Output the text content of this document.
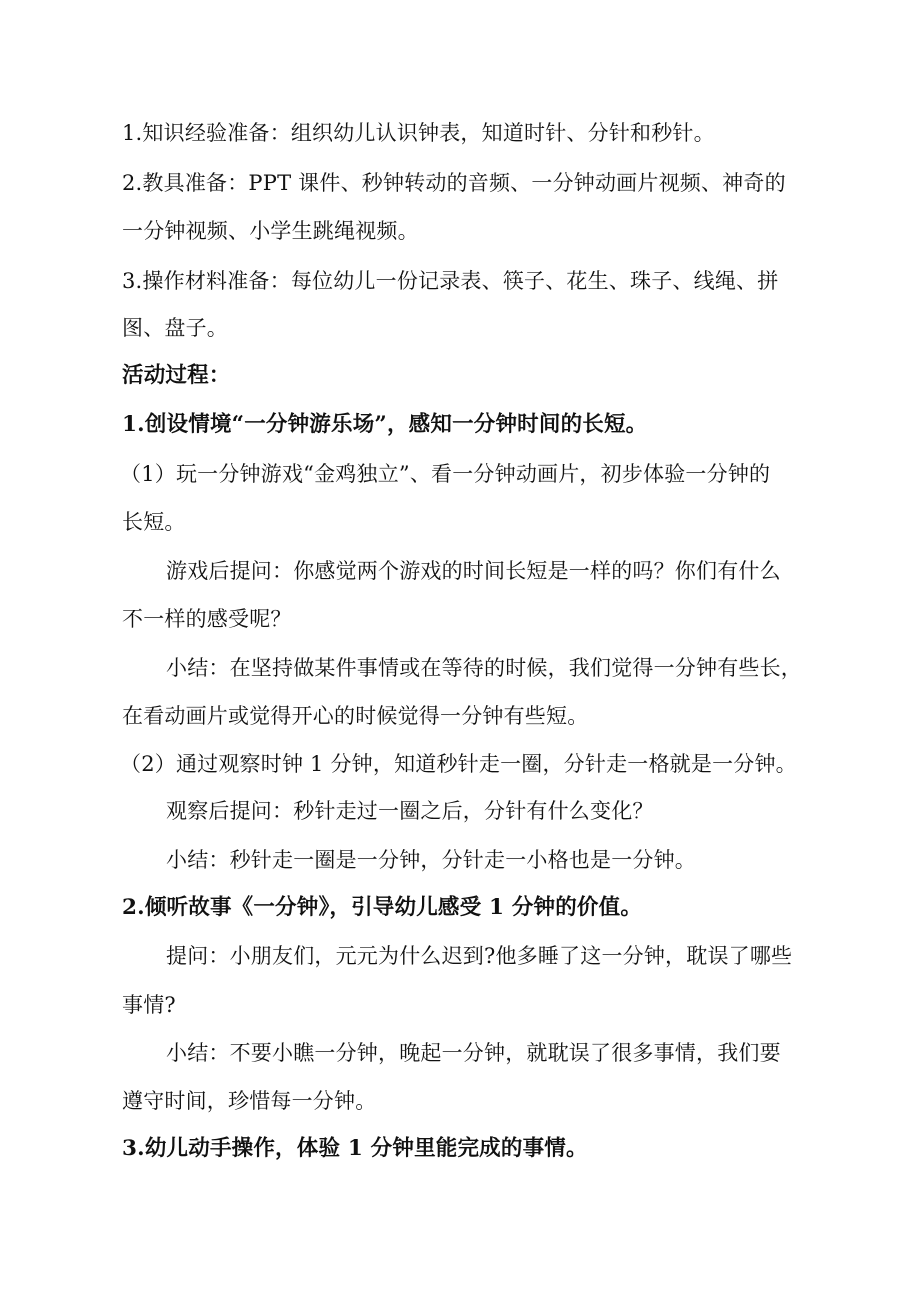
1.知识经验准备：组织幼儿认识钟表，知道时针、分针和秒针。
2.教具准备：PPT 课件、秒钟转动的音频、一分钟动画片视频、神奇的
一分钟视频、小学生跳绳视频。
3.操作材料准备：每位幼儿一份记录表、筷子、花生、珠子、线绳、拼
图、盘子。
活动过程：
1.创设情境“一分钟游乐场”，感知一分钟时间的长短。
（1）玩一分钟游戏“金鸡独立”、看一分钟动画片，初步体验一分钟的
长短。
游戏后提问：你感觉两个游戏的时间长短是一样的吗？你们有什么
不一样的感受呢？
小结：在坚持做某件事情或在等待的时候，我们觉得一分钟有些长，
在看动画片或觉得开心的时候觉得一分钟有些短。
（2）通过观察时钟 1 分钟，知道秒针走一圈，分针走一格就是一分钟。
观察后提问：秒针走过一圈之后，分针有什么变化？
小结：秒针走一圈是一分钟，分针走一小格也是一分钟。
2.倾听故事《一分钟》，引导幼儿感受 1 分钟的价值。
提问：小朋友们，元元为什么迟到?他多睡了这一分钟，耽误了哪些
事情?
小结：不要小瞧一分钟，晚起一分钟，就耽误了很多事情，我们要
遵守时间，珍惜每一分钟。
3.幼儿动手操作，体验 1 分钟里能完成的事情。
